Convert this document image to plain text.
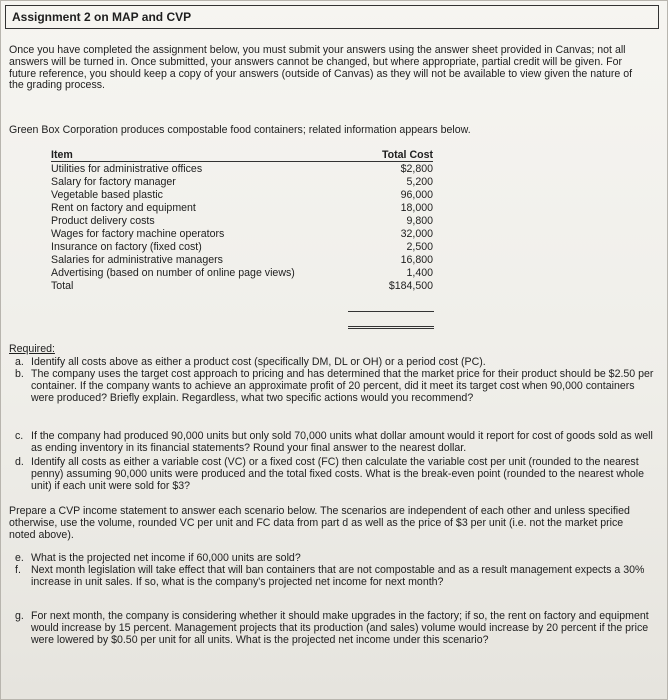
Assignment 2 on MAP and CVP
Once you have completed the assignment below, you must submit your answers using the answer sheet provided in Canvas; not all answers will be turned in. Once submitted, your answers cannot be changed, but where appropriate, partial credit will be given. For future reference, you should keep a copy of your answers (outside of Canvas) as they will not be available to view given the nature of the grading process.
Green Box Corporation produces compostable food containers; related information appears below.
Item	Total Cost
Utilities for administrative offices	$2,800
Salary for factory manager	5,200
Vegetable based plastic	96,000
Rent on factory and equipment	18,000
Product delivery costs	9,800
Wages for factory machine operators	32,000
Insurance on factory (fixed cost)	2,500
Salaries for administrative managers	16,800
Advertising (based on number of online page views)	1,400
Total	$184,500
Required:
a. Identify all costs above as either a product cost (specifically DM, DL or OH) or a period cost (PC).
b. The company uses the target cost approach to pricing and has determined that the market price for their product should be $2.50 per container. If the company wants to achieve an approximate profit of 20 percent, did it meet its target cost when 90,000 containers were produced? Briefly explain. Regardless, what two specific actions would you recommend?
c. If the company had produced 90,000 units but only sold 70,000 units what dollar amount would it report for cost of goods sold as well as ending inventory in its financial statements? Round your final answer to the nearest dollar.
d. Identify all costs as either a variable cost (VC) or a fixed cost (FC) then calculate the variable cost per unit (rounded to the nearest penny) assuming 90,000 units were produced and the total fixed costs. What is the break-even point (rounded to the nearest whole unit) if each unit were sold for $3?
Prepare a CVP income statement to answer each scenario below. The scenarios are independent of each other and unless specified otherwise, use the volume, rounded VC per unit and FC data from part d as well as the price of $3 per unit (i.e. not the market price noted above).
e. What is the projected net income if 60,000 units are sold?
f. Next month legislation will take effect that will ban containers that are not compostable and as a result management expects a 30% increase in unit sales. If so, what is the company's projected net income for next month?
g. For next month, the company is considering whether it should make upgrades in the factory; if so, the rent on factory and equipment would increase by 15 percent. Management projects that its production (and sales) volume would increase by 20 percent if the price were lowered by $0.50 per unit for all units. What is the projected net income under this scenario?
